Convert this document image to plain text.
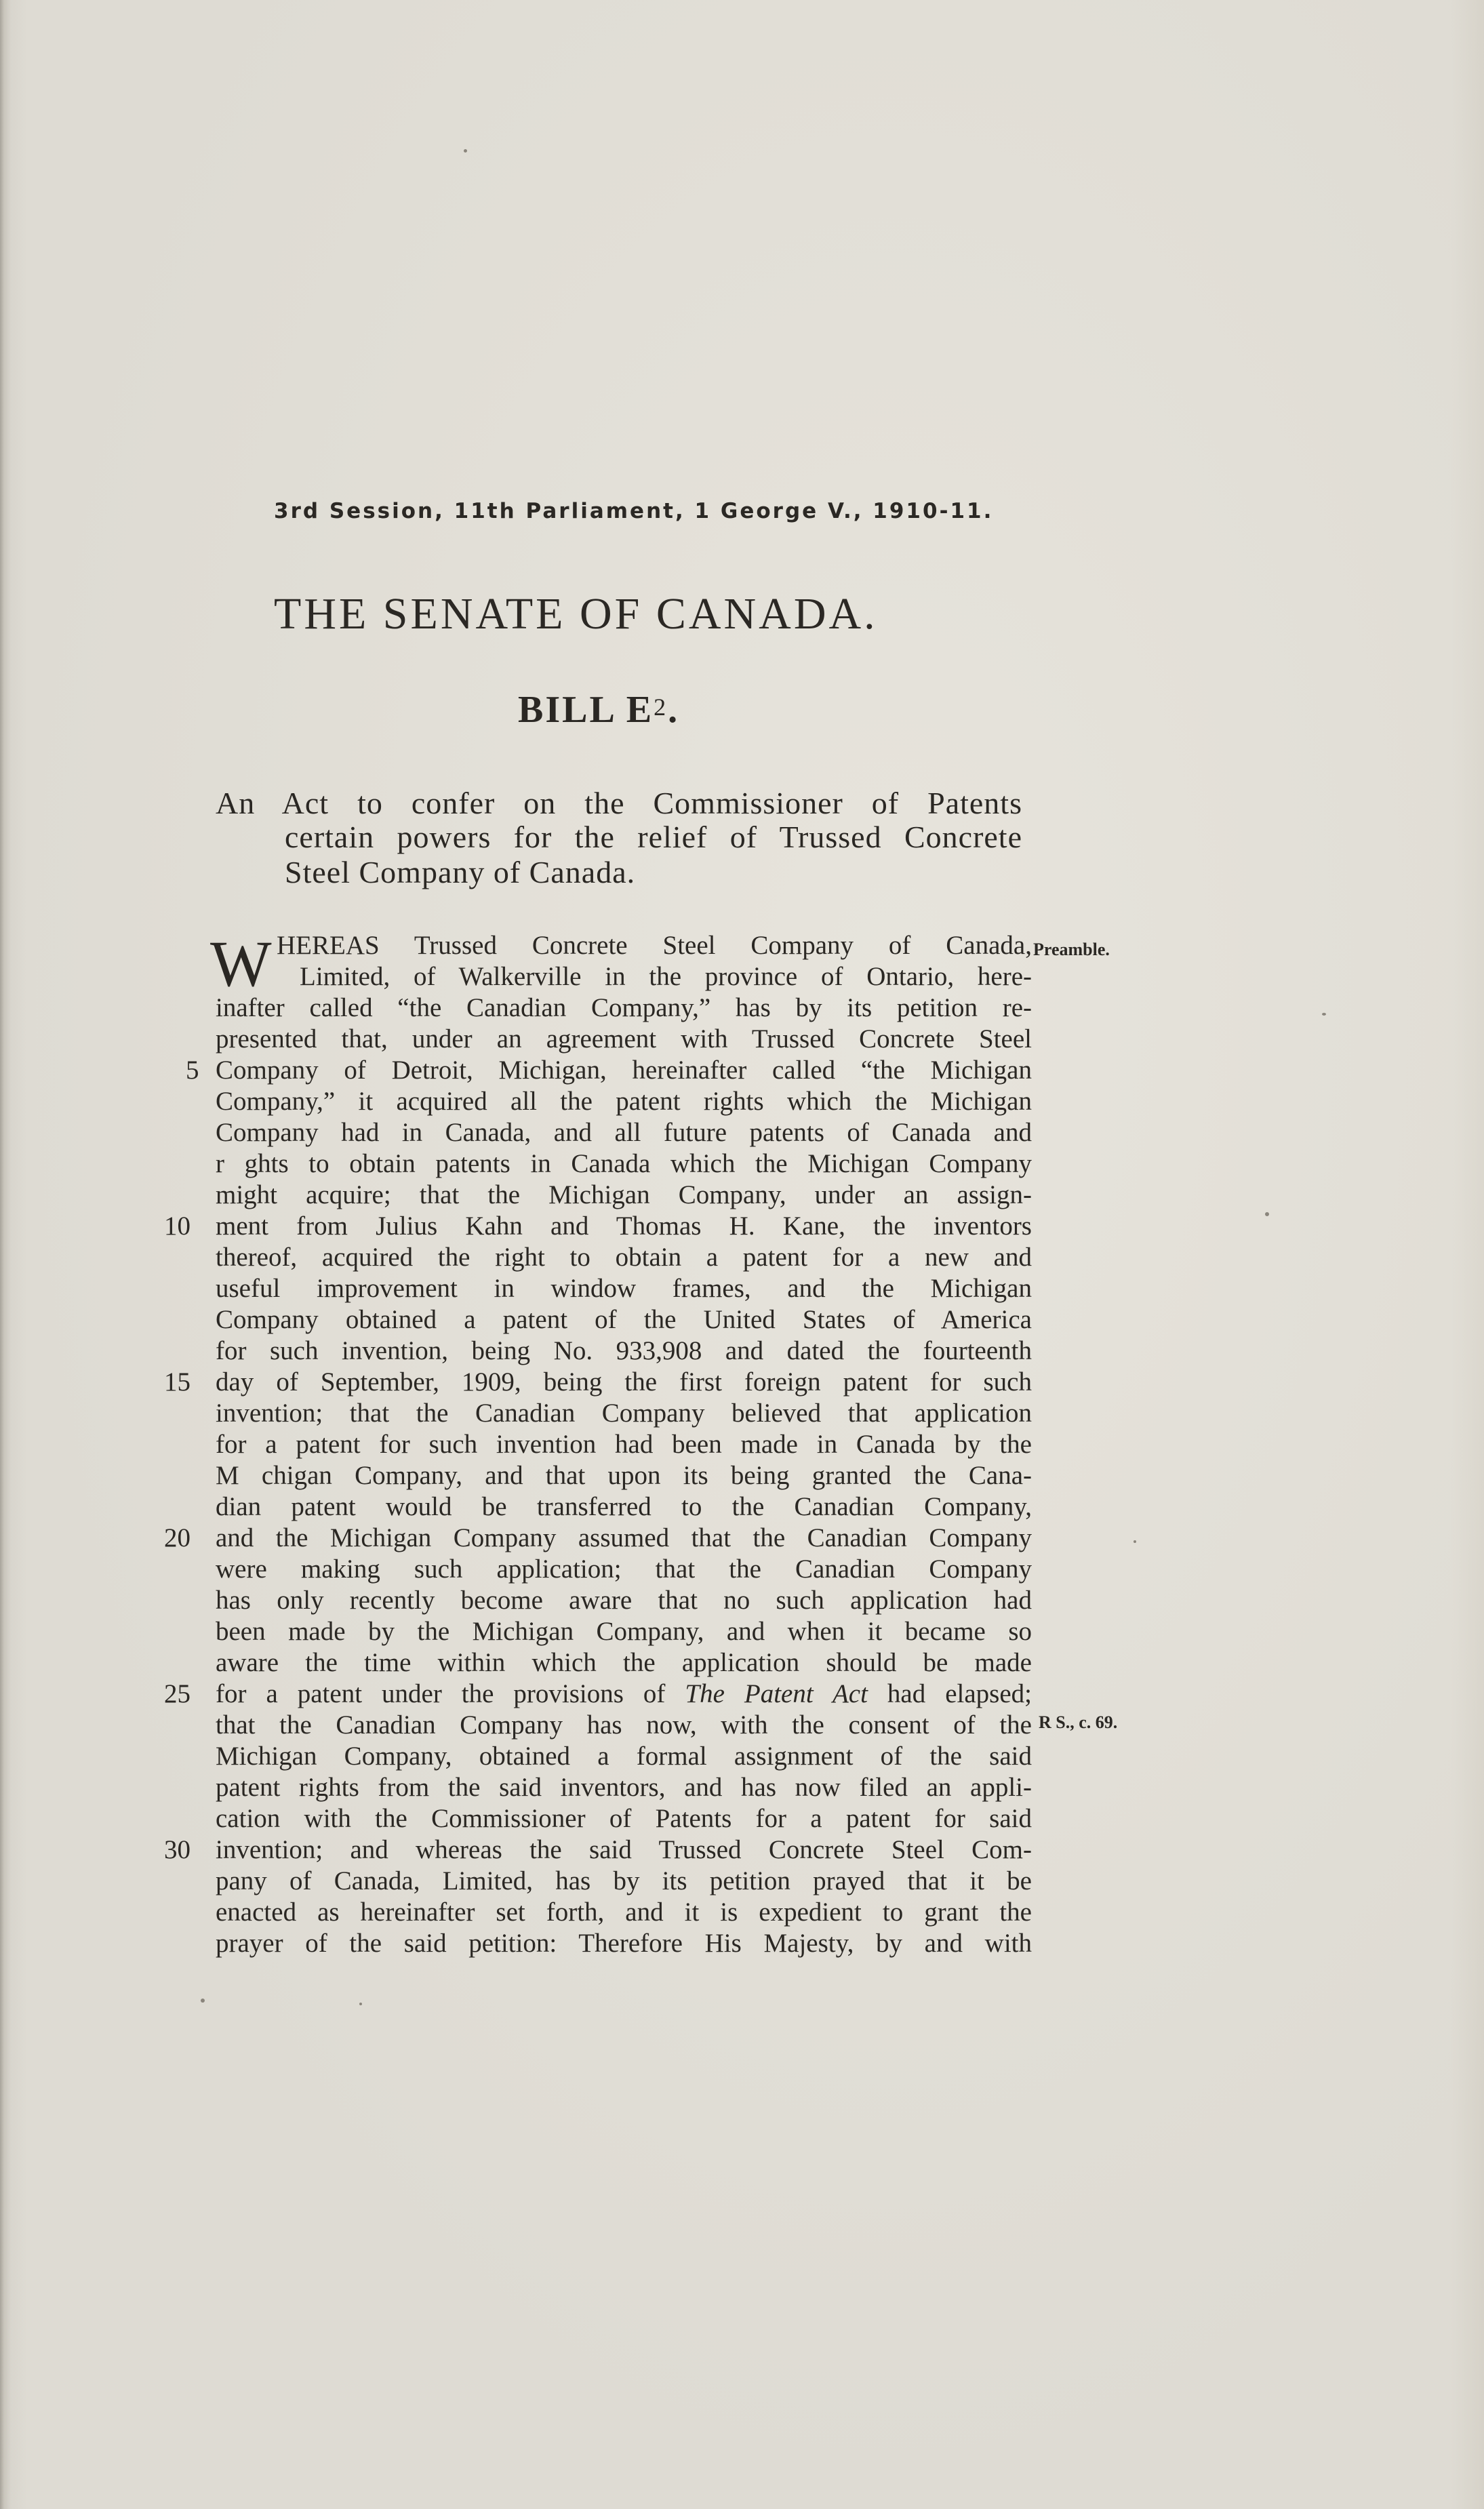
3rd Session, 11th Parliament, 1 George V., 1910-11.
THE SENATE OF CANADA.
BILL $E^2$.
An Act to confer on the Commissioner of Patents
certain powers for the relief of Trussed Concrete
Steel Company of Canada.
W HEREAS Trussed Concrete Steel Company of Canada,
Limited, of Walkerville in the province of Ontario, here-
inafter called “the Canadian Company,” has by its petition re-
presented that, under an agreement with Trussed Concrete Steel
5 Company of Detroit, Michigan, hereinafter called “the Michigan
Company,” it acquired all the patent rights which the Michigan
Company had in Canada, and all future patents of Canada and
r ghts to obtain patents in Canada which the Michigan Company
might acquire; that the Michigan Company, under an assign-
10 ment from Julius Kahn and Thomas H. Kane, the inventors
thereof, acquired the right to obtain a patent for a new and
useful improvement in window frames, and the Michigan
Company obtained a patent of the United States of America
for such invention, being No. 933,908 and dated the fourteenth
15 day of September, 1909, being the first foreign patent for such
invention; that the Canadian Company believed that application
for a patent for such invention had been made in Canada by the
M chigan Company, and that upon its being granted the Cana-
dian patent would be transferred to the Canadian Company,
20 and the Michigan Company assumed that the Canadian Company
were making such application; that the Canadian Company
has only recently become aware that no such application had
been made by the Michigan Company, and when it became so
aware the time within which the application should be made
25 for a patent under the provisions of The Patent Act had elapsed;
that the Canadian Company has now, with the consent of the
Michigan Company, obtained a formal assignment of the said
patent rights from the said inventors, and has now filed an appli-
cation with the Commissioner of Patents for a patent for said
30 invention; and whereas the said Trussed Concrete Steel Com-
pany of Canada, Limited, has by its petition prayed that it be
enacted as hereinafter set forth, and it is expedient to grant the
prayer of the said petition: Therefore His Majesty, by and with
Preamble.
R S., c. 69.
